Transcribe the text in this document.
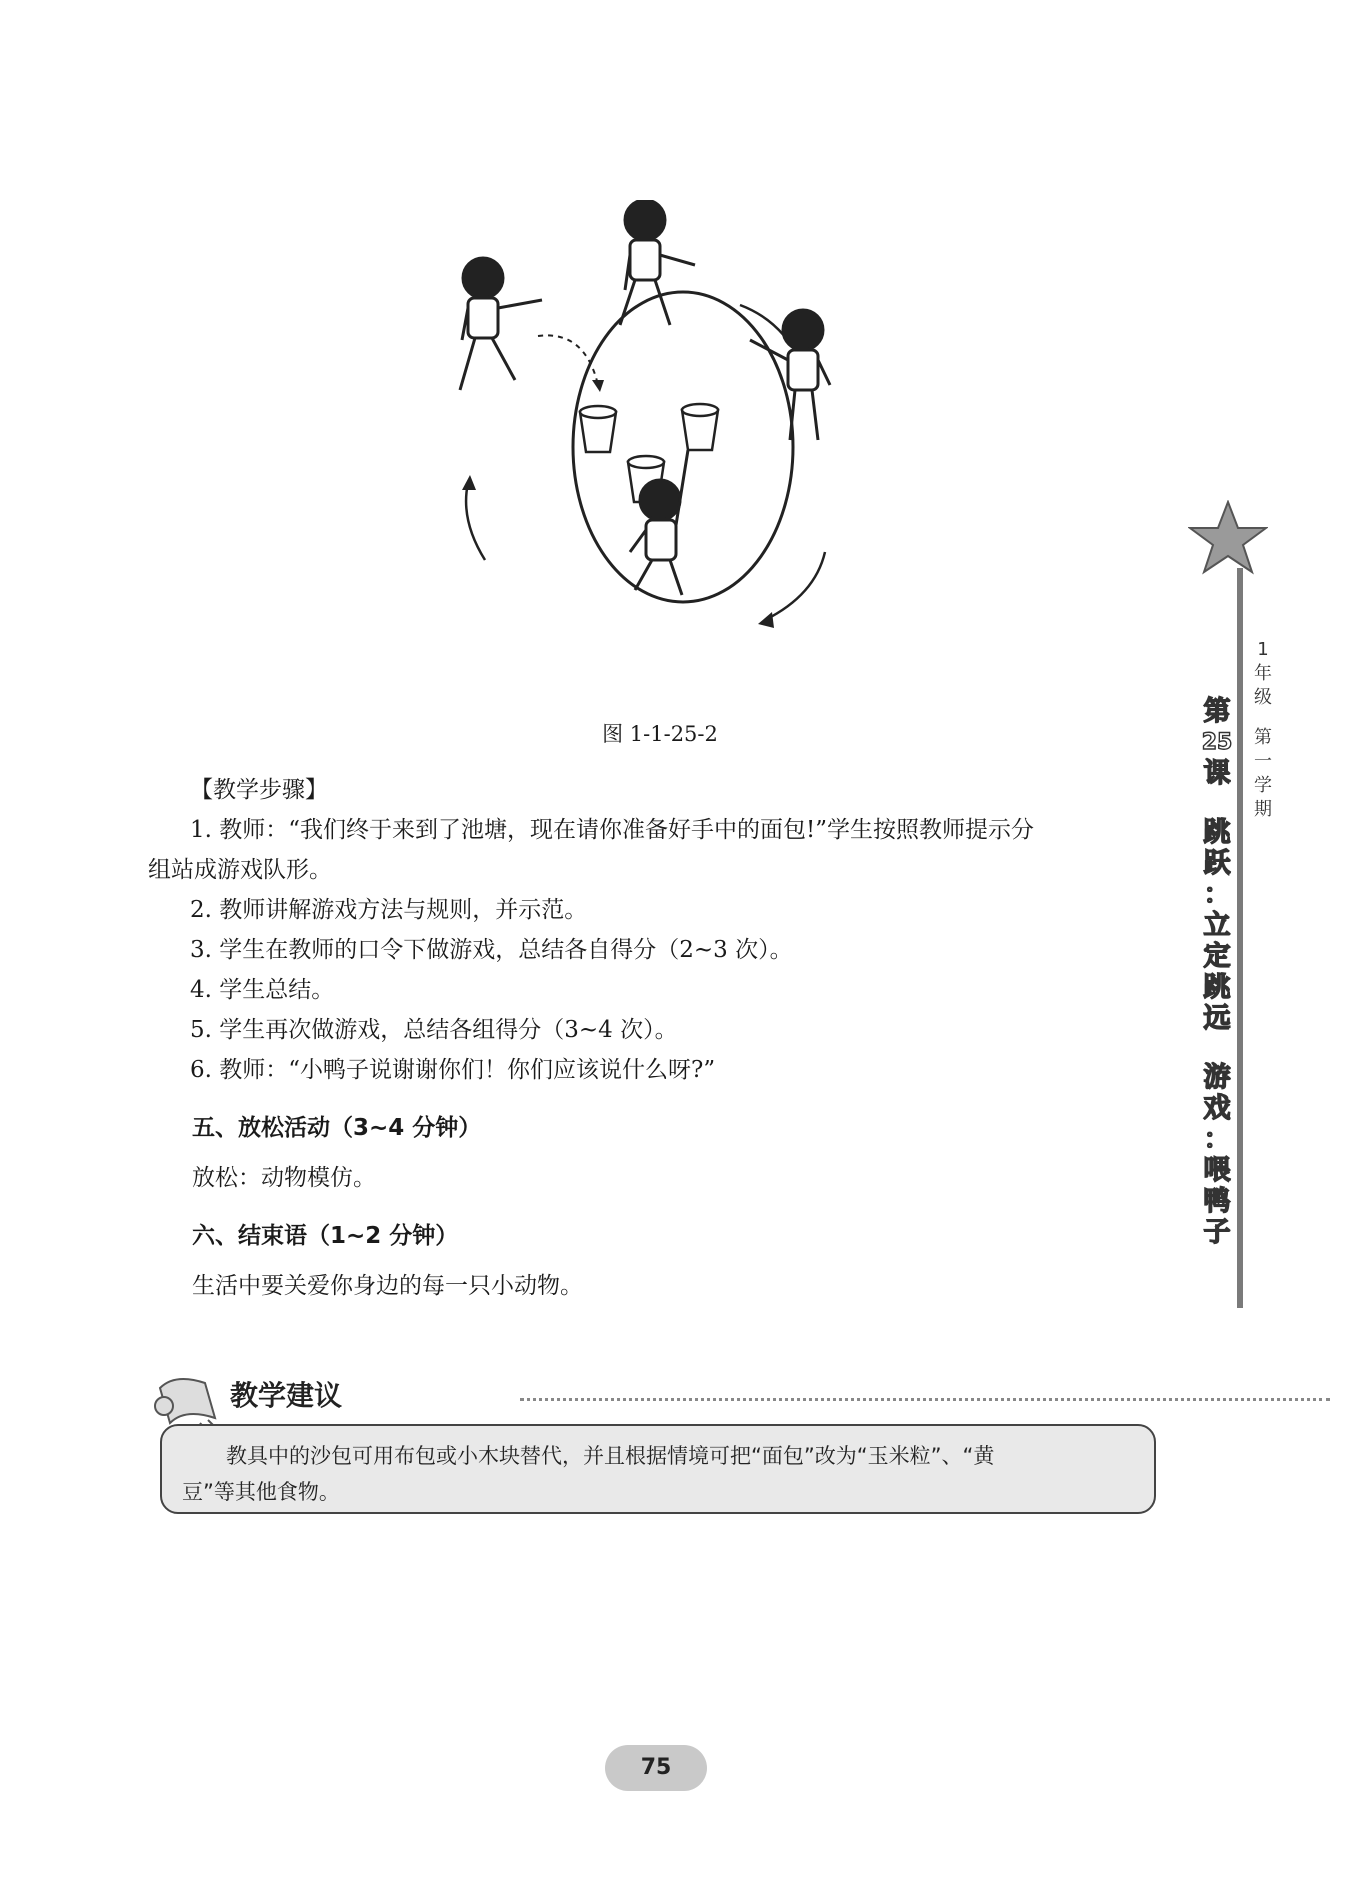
图 1-1-25-2

【教学步骤】

1. 教师：“我们终于来到了池塘，现在请你准备好手中的面包!”学生按照教师提示分

组站成游戏队形。

2. 教师讲解游戏方法与规则，并示范。

3. 学生在教师的口令下做游戏，总结各自得分（2~3 次）。

4. 学生总结。

5. 学生再次做游戏，总结各组得分（3~4 次）。

6. 教师：“小鸭子说谢谢你们！你们应该说什么呀?”

五、放松活动（3~4 分钟）

放松：动物模仿。

六、结束语（1~2 分钟）

生活中要关爱你身边的每一只小动物。

教学建议
教具中的沙包可用布包或小木块替代，并且根据情境可把“面包”改为“玉米粒”、“黄
豆”等其他食物。
1
年
级
第
一
学
期
第
25
课
跳
跃
：
立
定
跳
远
游
戏
：
喂
鸭
子
75
